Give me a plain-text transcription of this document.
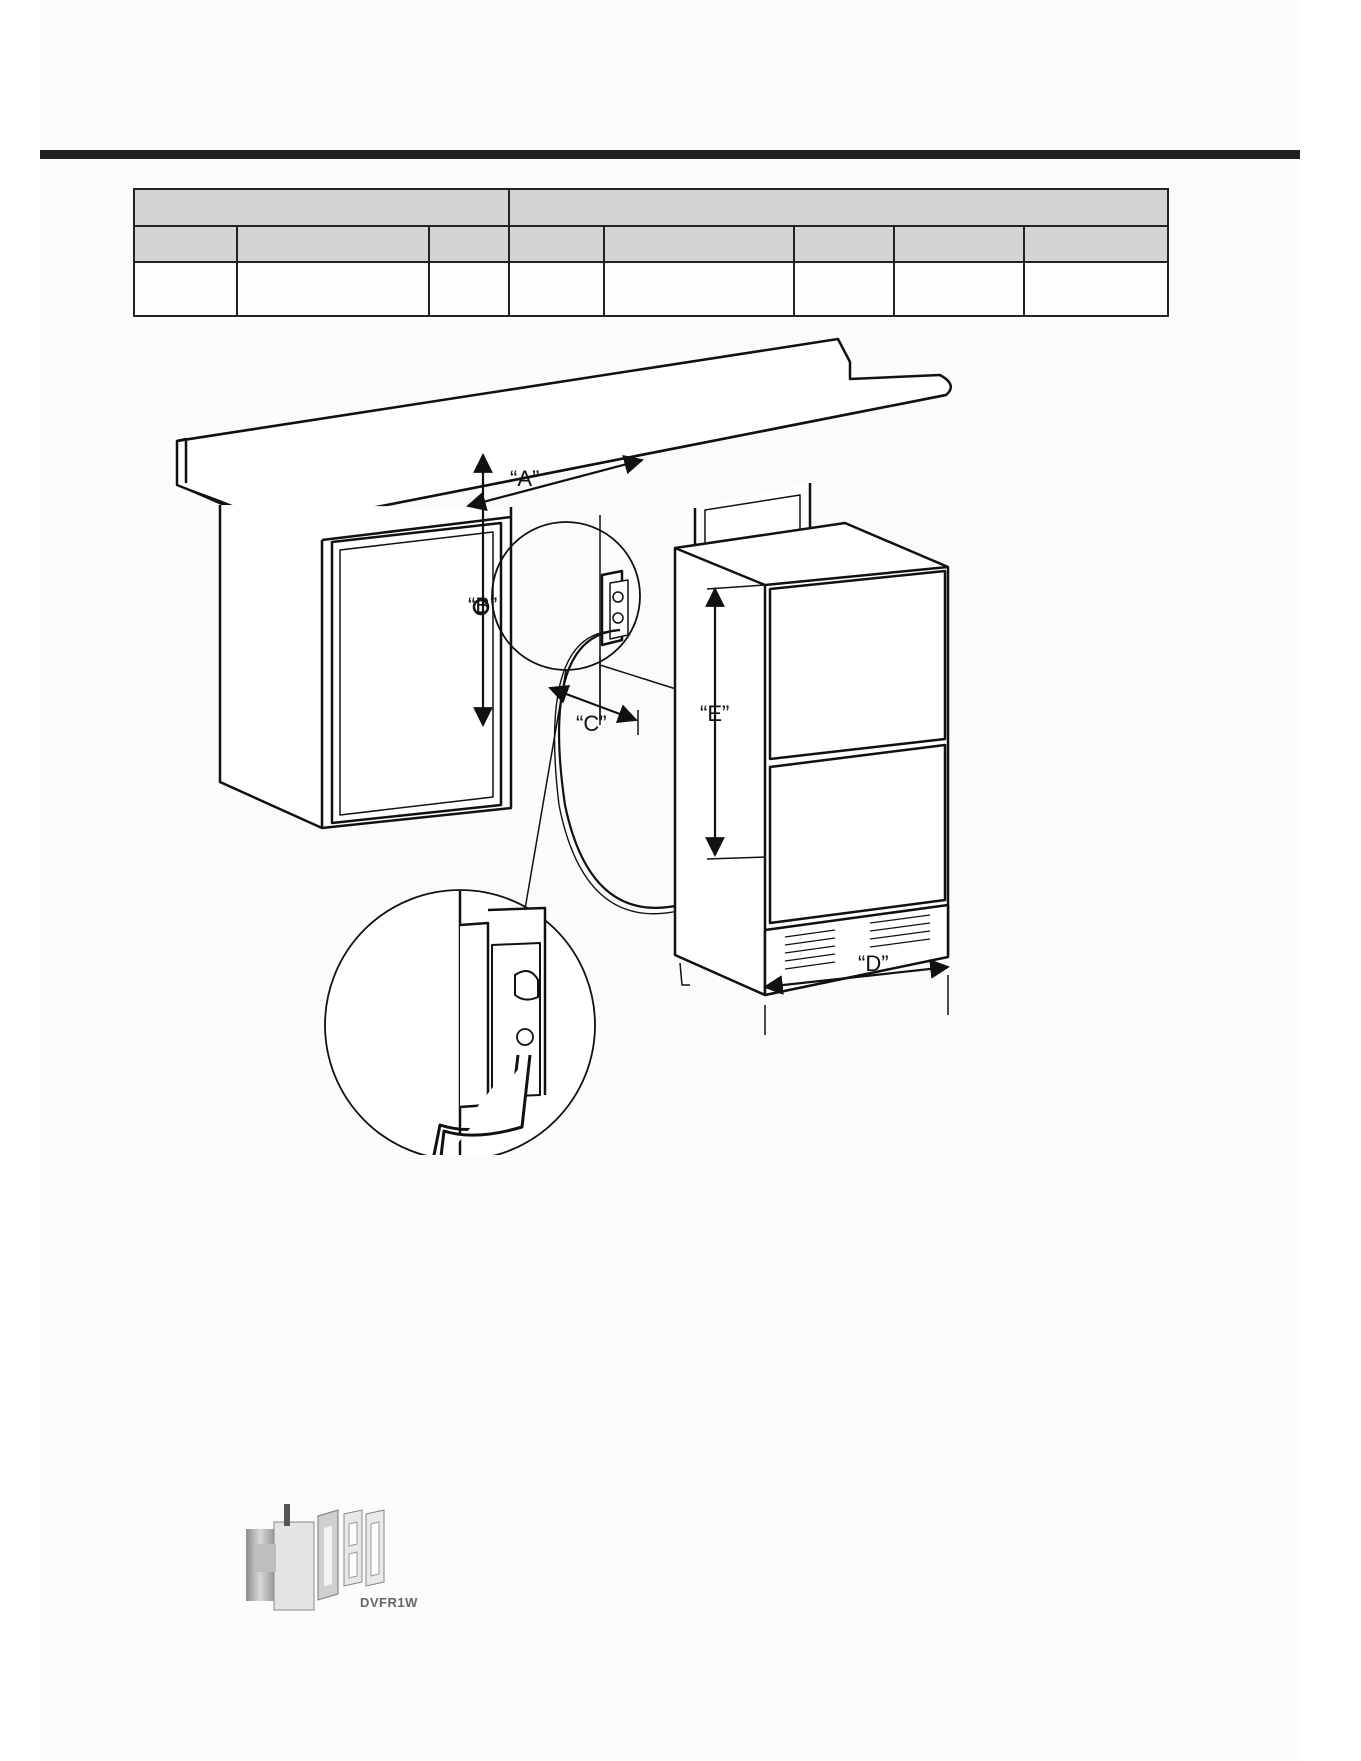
“A”
“B”
“C”
“D”
“E”
DVFR1W
